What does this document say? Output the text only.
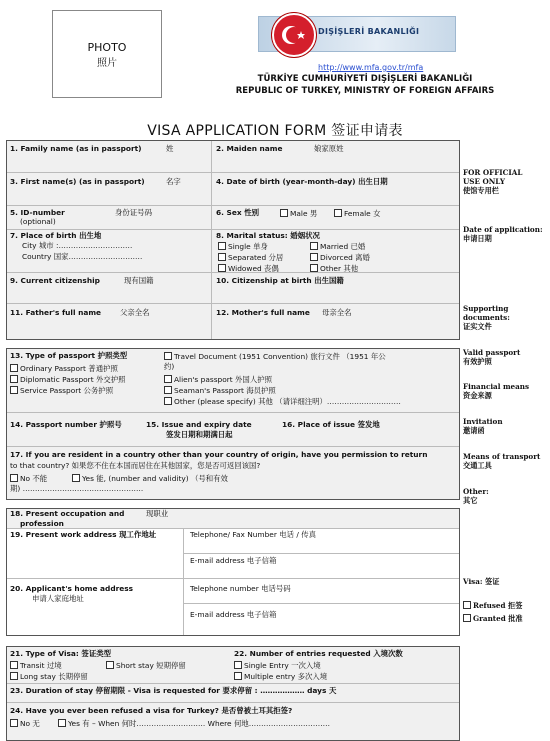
PHOTO
照片
DIŞİŞLERİ BAKANLIĞI
http://www.mfa.gov.tr/mfa
TÜRKİYE CUMHURİYETİ DIŞİŞLERİ BAKANLIĞI
REPUBLIC OF TURKEY, MINISTRY OF FOREIGN AFFAIRS
VISA APPLICATION FORM 签证申请表
1. Family name (as in passport)	姓	2. Maiden name	娘家原姓
3. First name(s) (as in passport)	名字	4. Date of birth (year-month-day) 出生日期
5. ID-number	身份证号码
(optional)
6. Sex 性别	Male 男	Female 女
7. Place of birth 出生地
City 城市 :…………………………
Country 国家…………………………
8. Marital status: 婚姻状况
Single 单身	Married 已婚
Separated 分居	Divorced 离婚
Widowed 丧偶	Other 其他
9. Current citizenship	现有国籍	10. Citizenship at birth 出生国籍
11. Father's full name	父亲全名	12. Mother's full name 母亲全名
13. Type of passport 护照类型
Ordinary Passport 普通护照
Diplomatic Passport 外交护照
Service Passport 公务护照
Travel Document (1951 Convention) 旅行文件 （1951 年公
约)
Alien's passport 外国人护照
Seaman's Passport 海员护照
Other (please specify) 其他 （请详细注明）…………………………
14. Passport number 护照号	15. Issue and expiry date
签发日期和期满日起
16. Place of issue 签发地
17. If you are resident in a country other than your country of origin, have you permission to return
to that country? 如果您不住在本国而居住在其他国家，您是否可返回该国?
No 不能	Yes 能, (number and validity) （号和有效
期) ………………………………………….
18. Present occupation and	现职业
profession
19. Present work address 现工作地址	Telephone/ Fax Number 电话 / 传真
E-mail address 电子信箱
20. Applicant's home address
申请人家庭地址
Telephone number 电话号码
E-mail address 电子信箱
21. Type of Visa: 签证类型
Transit 过境	Short stay 短期停留
Long stay 长期停留
22. Number of entries requested 入境次数
Single Entry 一次入境
Multiple entry 多次入境
23. Duration of stay 停留期限 - Visa is requested for 要求停留 : ……………… days 天
24. Have you ever been refused a visa for Turkey? 是否曾被土耳其拒签?
No 无	Yes 有 – When 何时………………………. Where 何地……………………………
FOR OFFICIAL
USE ONLY
使馆专用栏
Date of application:
申请日期
Supporting
documents:
证实文件
Valid passport
有效护照
Financial means
资金来源
Invitation
邀请函
Means of transport
交通工具
Other:
其它
Visa: 签证
Refused 拒签
Granted 批准
